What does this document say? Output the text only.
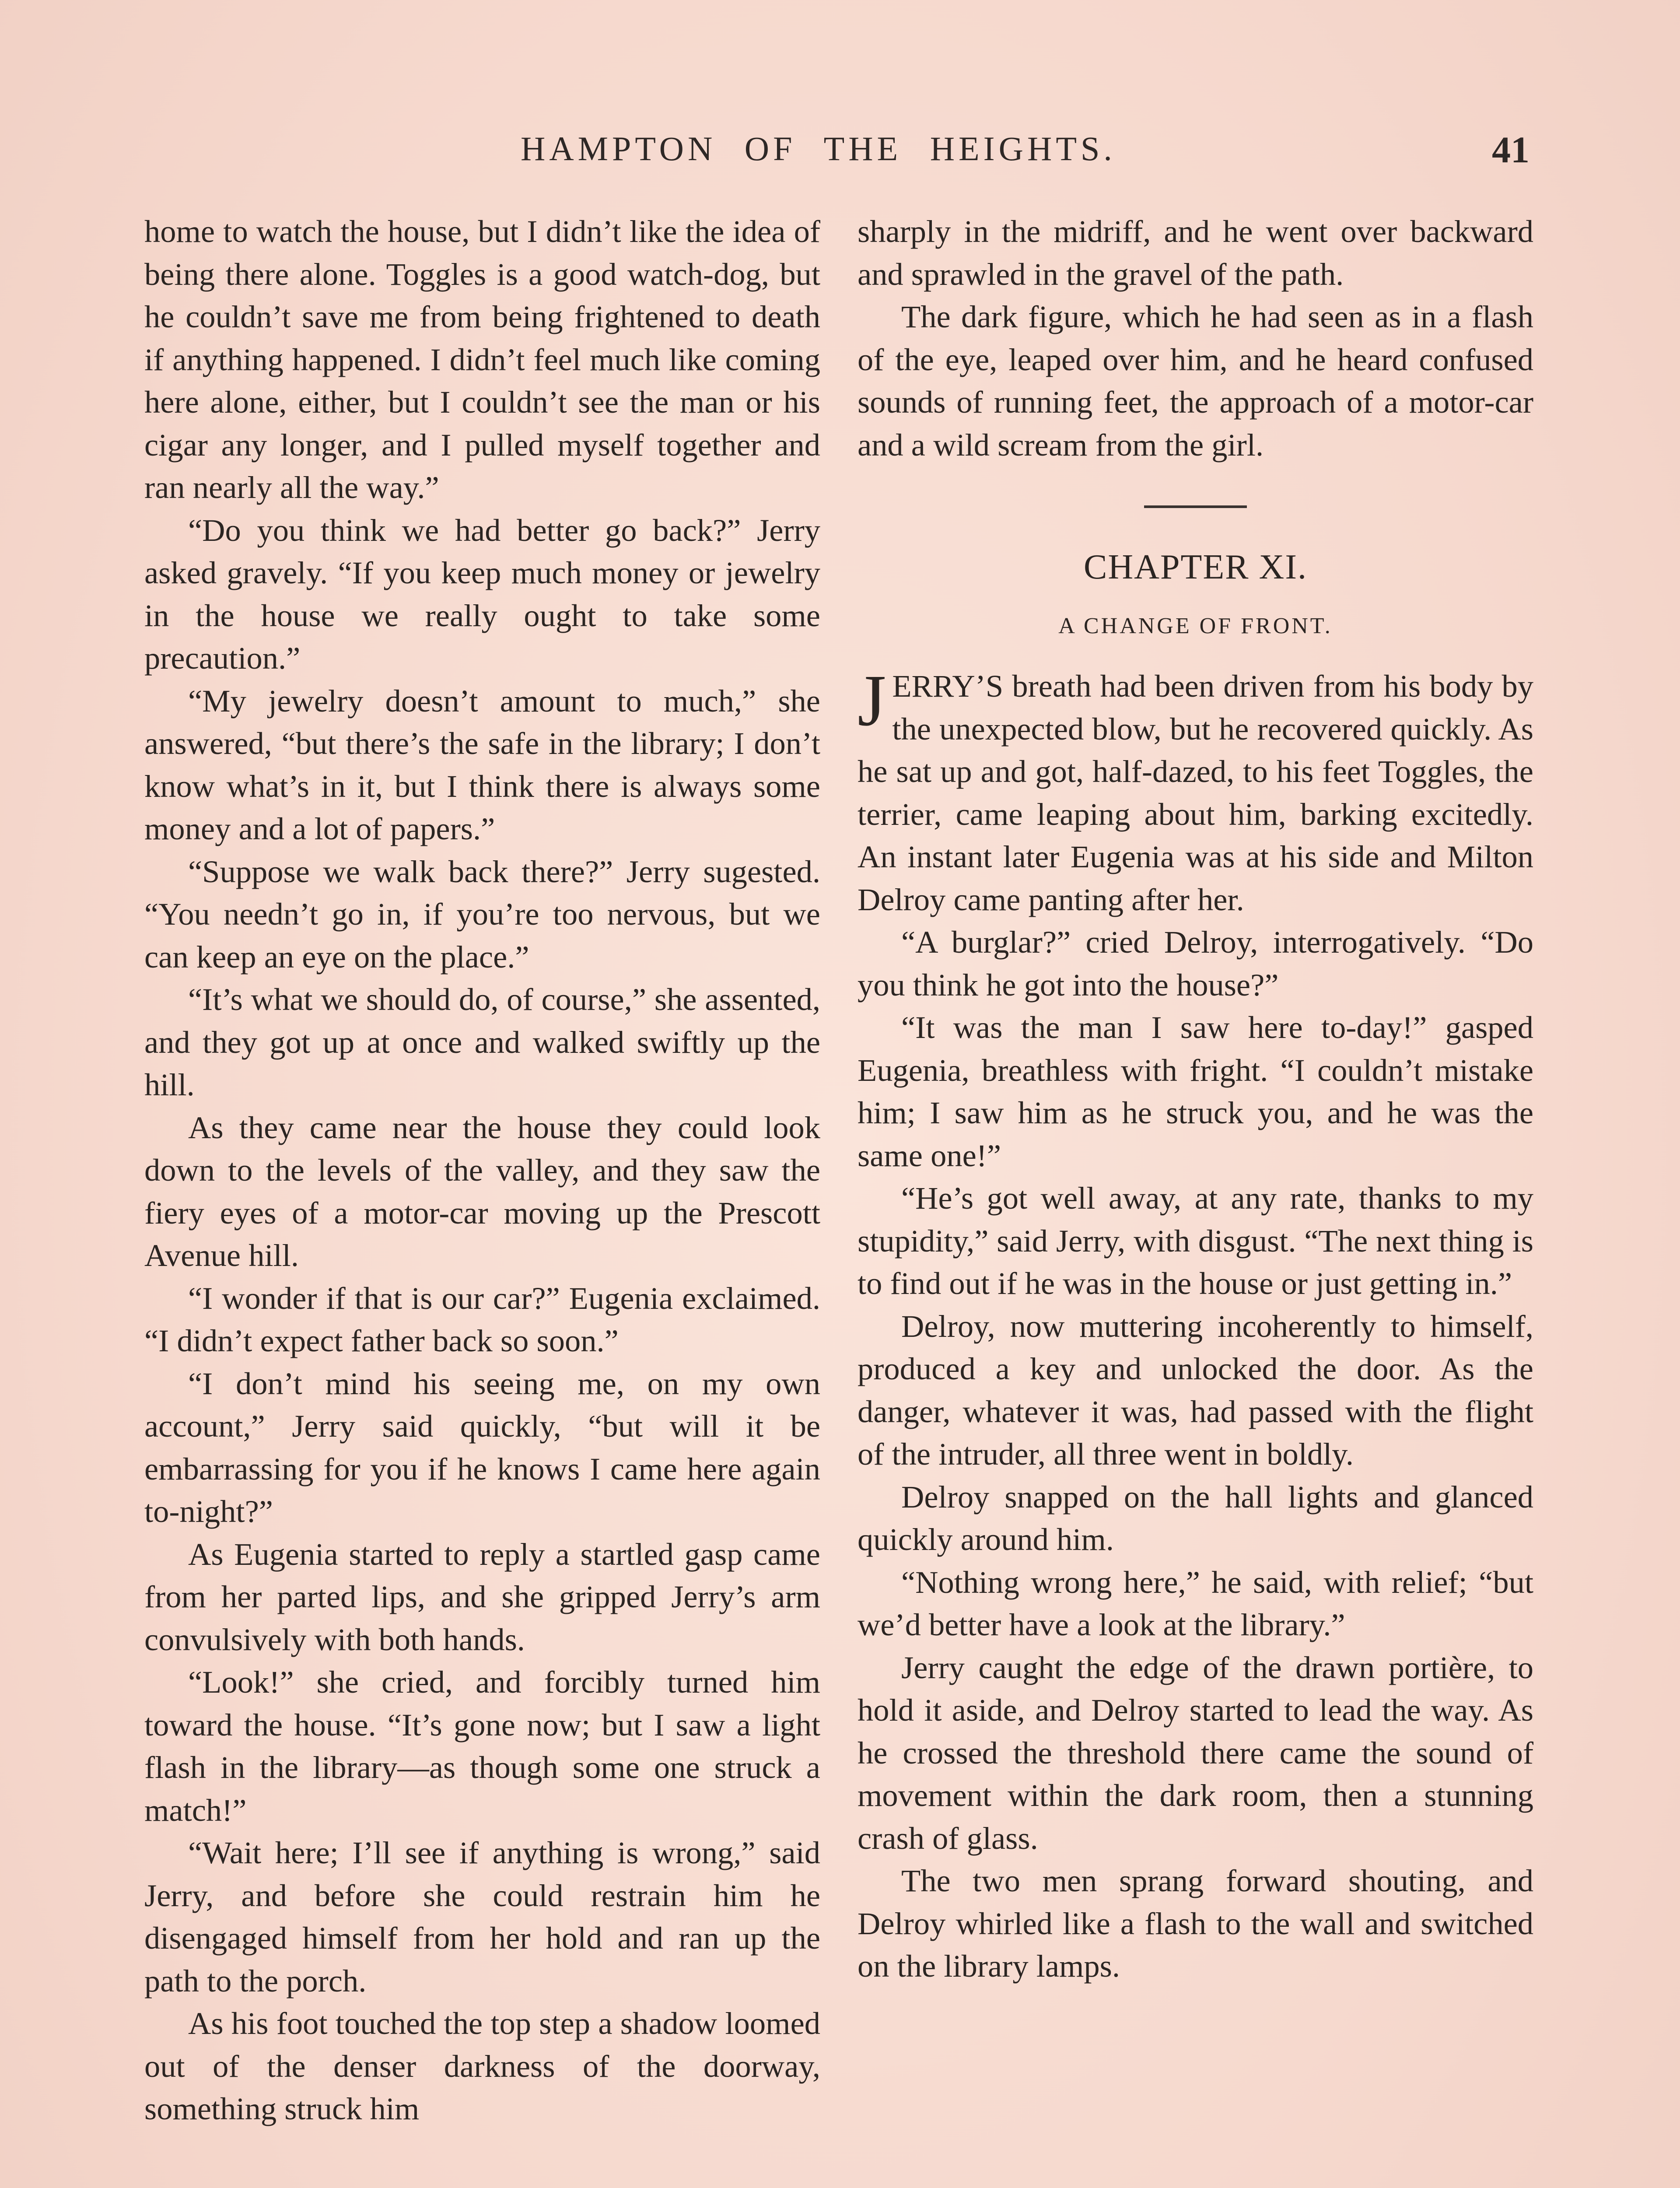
HAMPTON OF THE HEIGHTS.	41

home to watch the house, but I didn’t like the idea of being there alone. Toggles is a good watch-dog, but he couldn’t save me from being frightened to death if anything happened. I didn’t feel much like coming here alone, either, but I couldn’t see the man or his cigar any longer, and I pulled myself together and ran nearly all the way.”

“Do you think we had better go back?” Jerry asked gravely. “If you keep much money or jewelry in the house we really ought to take some precaution.”

“My jewelry doesn’t amount to much,” she answered, “but there’s the safe in the library; I don’t know what’s in it, but I think there is always some money and a lot of papers.”

“Suppose we walk back there?” Jerry sugested. “You needn’t go in, if you’re too nervous, but we can keep an eye on the place.”

“It’s what we should do, of course,” she assented, and they got up at once and walked swiftly up the hill.

As they came near the house they could look down to the levels of the valley, and they saw the fiery eyes of a motor-car moving up the Prescott Avenue hill.

“I wonder if that is our car?” Eugenia exclaimed. “I didn’t expect father back so soon.”

“I don’t mind his seeing me, on my own account,” Jerry said quickly, “but will it be embarrassing for you if he knows I came here again to-night?”

As Eugenia started to reply a startled gasp came from her parted lips, and she gripped Jerry’s arm convulsively with both hands.

“Look!” she cried, and forcibly turned him toward the house. “It’s gone now; but I saw a light flash in the library—as though some one struck a match!”

“Wait here; I’ll see if anything is wrong,” said Jerry, and before she could restrain him he disengaged himself from her hold and ran up the path to the porch.

As his foot touched the top step a shadow loomed out of the denser darkness of the doorway, something struck him

sharply in the midriff, and he went over backward and sprawled in the gravel of the path.

The dark figure, which he had seen as in a flash of the eye, leaped over him, and he heard confused sounds of running feet, the approach of a motor-car and a wild scream from the girl.

CHAPTER XI.
A CHANGE OF FRONT.

JERRY’S breath had been driven from his body by the unexpected blow, but he recovered quickly. As he sat up and got, half-dazed, to his feet Toggles, the terrier, came leaping about him, barking excitedly. An instant later Eugenia was at his side and Milton Delroy came panting after her.

“A burglar?” cried Delroy, interrogatively. “Do you think he got into the house?”

“It was the man I saw here to-day!” gasped Eugenia, breathless with fright. “I couldn’t mistake him; I saw him as he struck you, and he was the same one!”

“He’s got well away, at any rate, thanks to my stupidity,” said Jerry, with disgust. “The next thing is to find out if he was in the house or just getting in.”

Delroy, now muttering incoherently to himself, produced a key and unlocked the door. As the danger, whatever it was, had passed with the flight of the intruder, all three went in boldly.

Delroy snapped on the hall lights and glanced quickly around him.

“Nothing wrong here,” he said, with relief; “but we’d better have a look at the library.”

Jerry caught the edge of the drawn portière, to hold it aside, and Delroy started to lead the way. As he crossed the threshold there came the sound of movement within the dark room, then a stunning crash of glass.

The two men sprang forward shouting, and Delroy whirled like a flash to the wall and switched on the library lamps.
